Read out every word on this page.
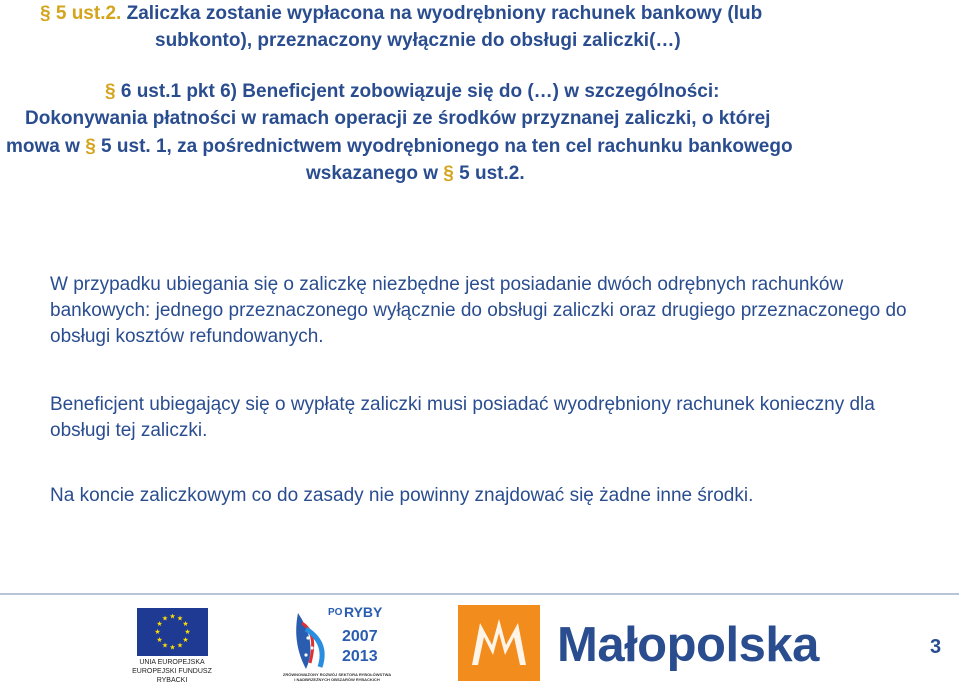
§ 5 ust.2. Zaliczka zostanie wypłacona na wyodrębniony rachunek bankowy (lub
subkonto), przeznaczony wyłącznie do obsługi zaliczki(…)
§ 6 ust.1 pkt 6) Beneficjent zobowiązuje się do (…) w szczególności:
Dokonywania płatności w ramach operacji ze środków przyznanej zaliczki, o której
mowa w § 5 ust. 1, za pośrednictwem wyodrębnionego na ten cel rachunku bankowego
wskazanego w § 5 ust.2.
W przypadku ubiegania się o zaliczkę niezbędne jest posiadanie dwóch odrębnych rachunków bankowych: jednego przeznaczonego wyłącznie do obsługi zaliczki oraz drugiego przeznaczonego do obsługi kosztów refundowanych.
Beneficjent ubiegający się o wypłatę zaliczki musi posiadać wyodrębniony rachunek konieczny dla obsługi tej zaliczki.
Na koncie zaliczkowym co do zasady nie powinny znajdować się żadne inne środki.
★ ★
★
★
★
★
★
★
★
★
★
★
UNIA EUROPEJSKA
EUROPEJSKI FUNDUSZ
RYBACKI
PO RYBY
2007
2013
ZRÓWNOWAŻONY ROZWÓJ SEKTORA RYBOŁÓWSTWA I NADBRZEŻNYCH OBSZARÓW RYBACKICH
Małopolska	3
